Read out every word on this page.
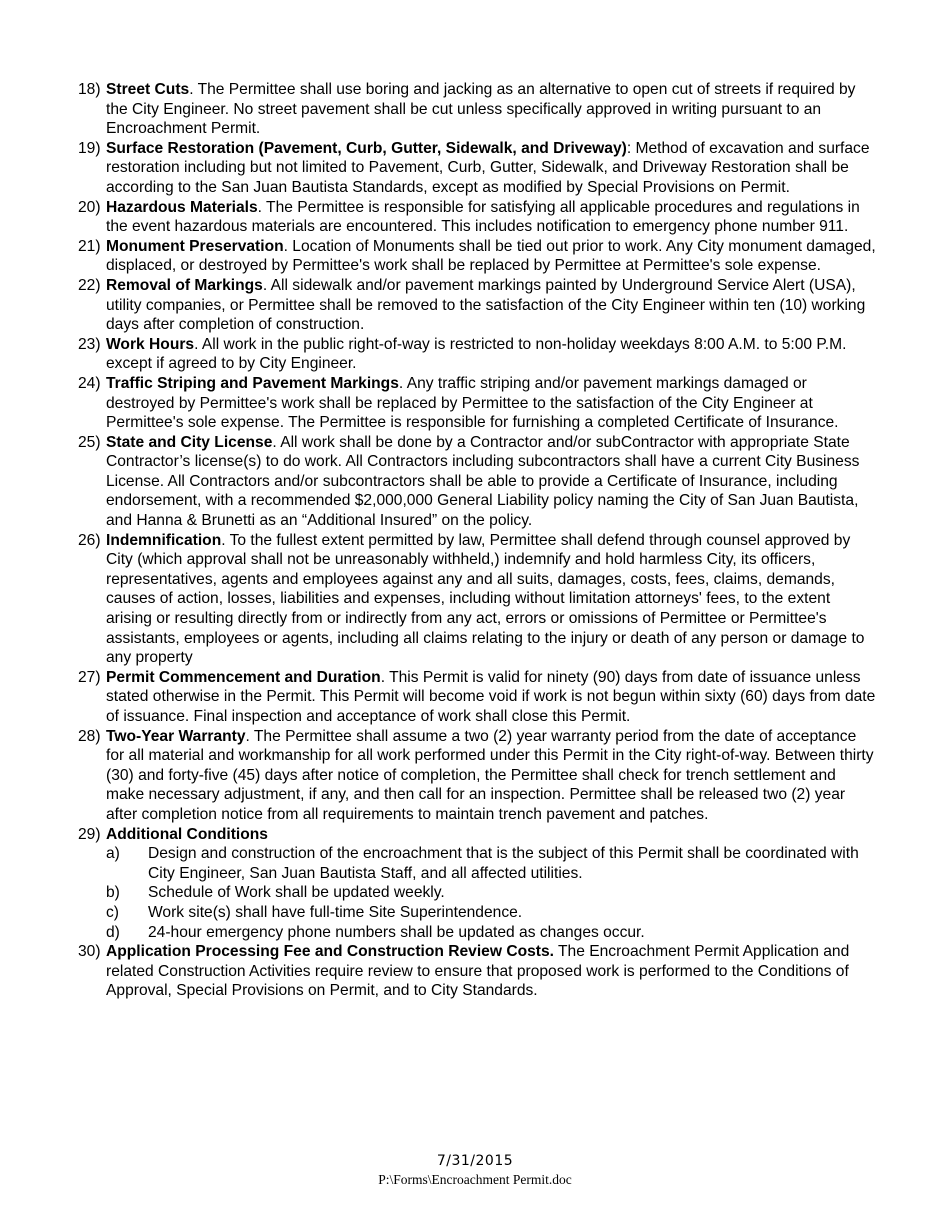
18) Street Cuts. The Permittee shall use boring and jacking as an alternative to open cut of streets if required by the City Engineer. No street pavement shall be cut unless specifically approved in writing pursuant to an Encroachment Permit.
19) Surface Restoration (Pavement, Curb, Gutter, Sidewalk, and Driveway): Method of excavation and surface restoration including but not limited to Pavement, Curb, Gutter, Sidewalk, and Driveway Restoration shall be according to the San Juan Bautista Standards, except as modified by Special Provisions on Permit.
20) Hazardous Materials. The Permittee is responsible for satisfying all applicable procedures and regulations in the event hazardous materials are encountered. This includes notification to emergency phone number 911.
21) Monument Preservation. Location of Monuments shall be tied out prior to work. Any City monument damaged, displaced, or destroyed by Permittee's work shall be replaced by Permittee at Permittee's sole expense.
22) Removal of Markings. All sidewalk and/or pavement markings painted by Underground Service Alert (USA), utility companies, or Permittee shall be removed to the satisfaction of the City Engineer within ten (10) working days after completion of construction.
23) Work Hours. All work in the public right-of-way is restricted to non-holiday weekdays 8:00 A.M. to 5:00 P.M. except if agreed to by City Engineer.
24) Traffic Striping and Pavement Markings. Any traffic striping and/or pavement markings damaged or destroyed by Permittee's work shall be replaced by Permittee to the satisfaction of the City Engineer at Permittee's sole expense. The Permittee is responsible for furnishing a completed Certificate of Insurance.
25) State and City License. All work shall be done by a Contractor and/or subContractor with appropriate State Contractor’s license(s) to do work. All Contractors including subcontractors shall have a current City Business License. All Contractors and/or subcontractors shall be able to provide a Certificate of Insurance, including endorsement, with a recommended $2,000,000 General Liability policy naming the City of San Juan Bautista, and Hanna & Brunetti as an “Additional Insured” on the policy.
26) Indemnification. To the fullest extent permitted by law, Permittee shall defend through counsel approved by City (which approval shall not be unreasonably withheld,) indemnify and hold harmless City, its officers, representatives, agents and employees against any and all suits, damages, costs, fees, claims, demands, causes of action, losses, liabilities and expenses, including without limitation attorneys' fees, to the extent arising or resulting directly from or indirectly from any act, errors or omissions of Permittee or Permittee's assistants, employees or agents, including all claims relating to the injury or death of any person or damage to any property
27) Permit Commencement and Duration. This Permit is valid for ninety (90) days from date of issuance unless stated otherwise in the Permit. This Permit will become void if work is not begun within sixty (60) days from date of issuance. Final inspection and acceptance of work shall close this Permit.
28) Two-Year Warranty. The Permittee shall assume a two (2) year warranty period from the date of acceptance for all material and workmanship for all work performed under this Permit in the City right-of-way. Between thirty (30) and forty-five (45) days after notice of completion, the Permittee shall check for trench settlement and make necessary adjustment, if any, and then call for an inspection. Permittee shall be released two (2) year after completion notice from all requirements to maintain trench pavement and patches.
29) Additional Conditions
a) Design and construction of the encroachment that is the subject of this Permit shall be coordinated with City Engineer, San Juan Bautista Staff, and all affected utilities.
b) Schedule of Work shall be updated weekly.
c) Work site(s) shall have full-time Site Superintendence.
d) 24-hour emergency phone numbers shall be updated as changes occur.
30) Application Processing Fee and Construction Review Costs. The Encroachment Permit Application and related Construction Activities require review to ensure that proposed work is performed to the Conditions of Approval, Special Provisions on Permit, and to City Standards.
7/31/2015
P:\Forms\Encroachment Permit.doc
